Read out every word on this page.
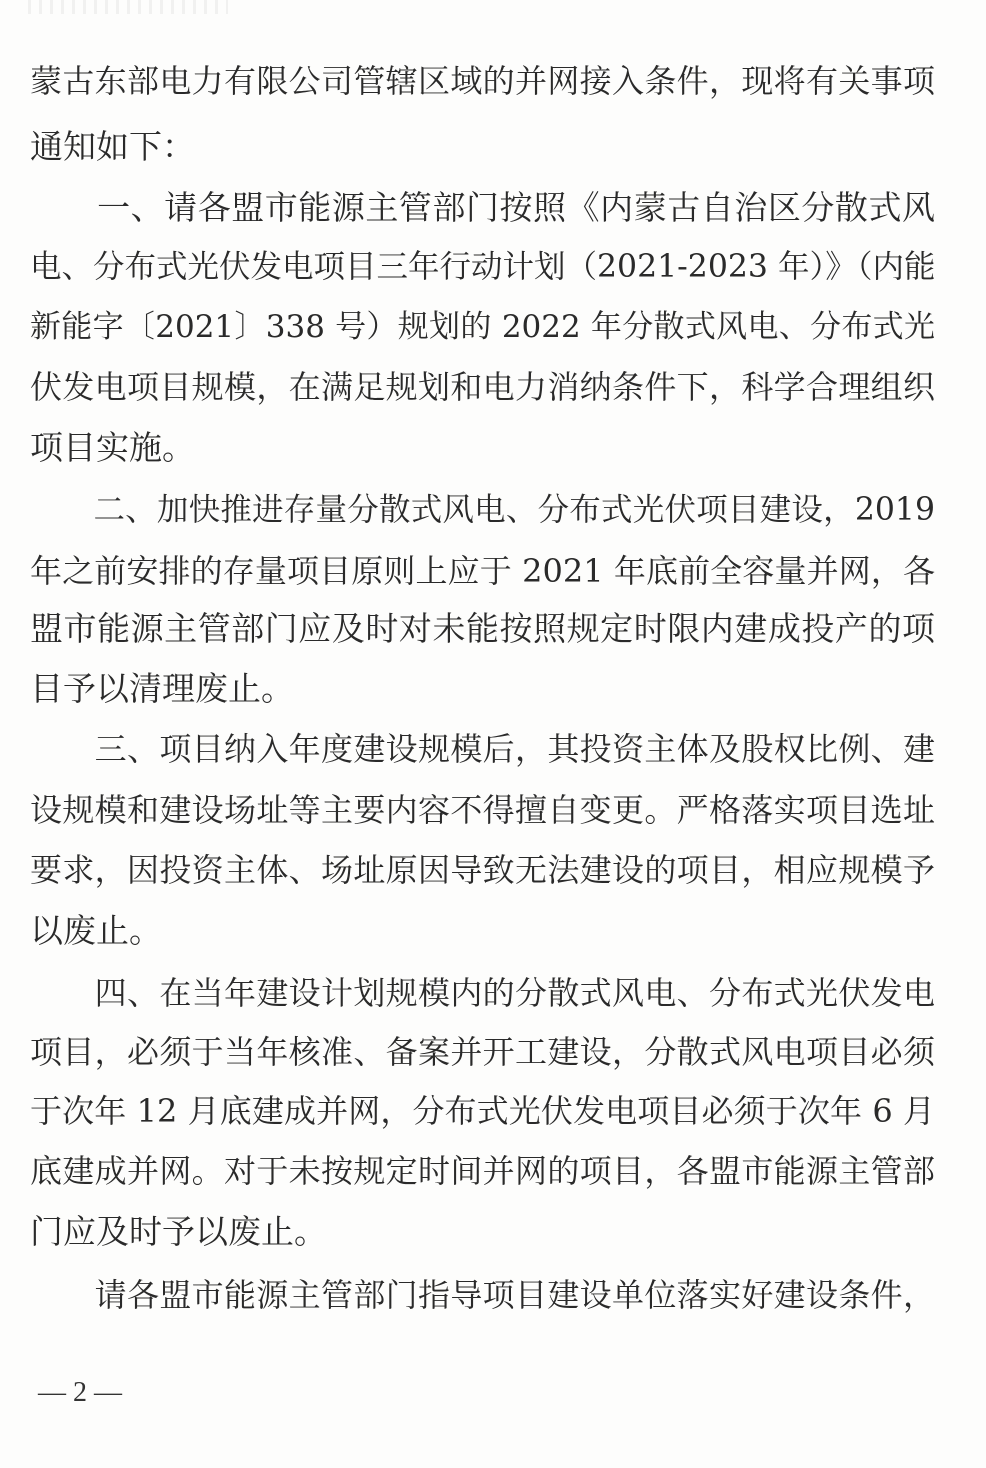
蒙古东部电力有限公司管辖区域的并网接入条件，现将有关事项
通知如下：
　　一、请各盟市能源主管部门按照《内蒙古自治区分散式风
电、分布式光伏发电项目三年行动计划（2021-2023 年）》（内能
新能字〔2021〕338 号）规划的 2022 年分散式风电、分布式光
伏发电项目规模，在满足规划和电力消纳条件下，科学合理组织
项目实施。
　　二、加快推进存量分散式风电、分布式光伏项目建设，2019
年之前安排的存量项目原则上应于 2021 年底前全容量并网，各
盟市能源主管部门应及时对未能按照规定时限内建成投产的项
目予以清理废止。
　　三、项目纳入年度建设规模后，其投资主体及股权比例、建
设规模和建设场址等主要内容不得擅自变更。严格落实项目选址
要求，因投资主体、场址原因导致无法建设的项目，相应规模予
以废止。
　　四、在当年建设计划规模内的分散式风电、分布式光伏发电
项目，必须于当年核准、备案并开工建设，分散式风电项目必须
于次年 12 月底建成并网，分布式光伏发电项目必须于次年 6 月
底建成并网。对于未按规定时间并网的项目，各盟市能源主管部
门应及时予以废止。
　　请各盟市能源主管部门指导项目建设单位落实好建设条件，
— 2 —
